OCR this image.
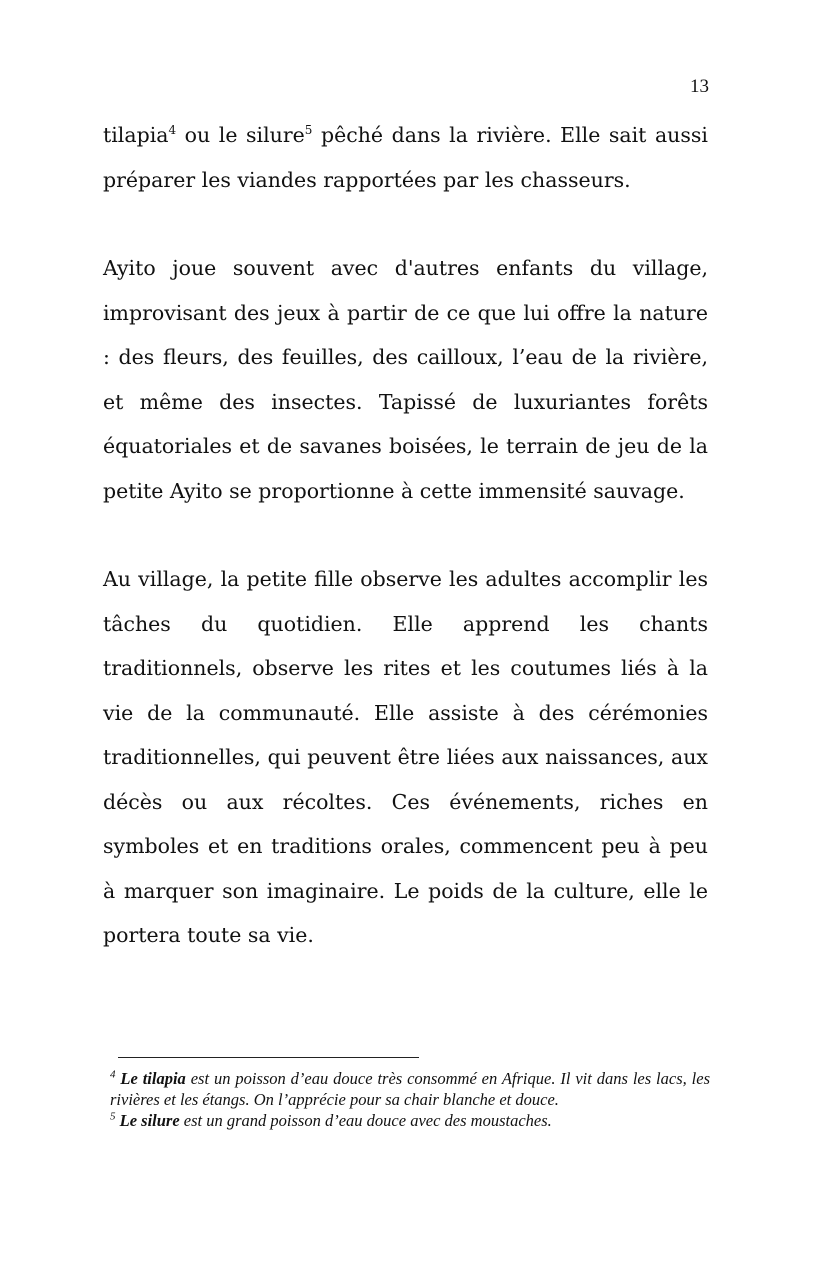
13

tilapia$^4$ ou le silure$^5$ pêché dans la rivière. Elle sait aussi préparer les viandes rapportées par les chasseurs.

Ayito joue souvent avec d'autres enfants du village, improvisant des jeux à partir de ce que lui offre la nature : des fleurs, des feuilles, des cailloux, l’eau de la rivière, et même des insectes. Tapissé de luxuriantes forêts équatoriales et de savanes boisées, le terrain de jeu de la petite Ayito se proportionne à cette immensité sauvage.

Au village, la petite fille observe les adultes accomplir les tâches du quotidien. Elle apprend les chants traditionnels, observe les rites et les coutumes liés à la vie de la communauté. Elle assiste à des cérémonies traditionnelles, qui peuvent être liées aux naissances, aux décès ou aux récoltes. Ces événements, riches en symboles et en traditions orales, commencent peu à peu à marquer son imaginaire. Le poids de la culture, elle le portera toute sa vie.

$^4$ Le tilapia est un poisson d’eau douce très consommé en Afrique. Il vit dans les lacs, les rivières et les étangs. On l’apprécie pour sa chair blanche et douce.

$^5$ Le silure est un grand poisson d’eau douce avec des moustaches.
